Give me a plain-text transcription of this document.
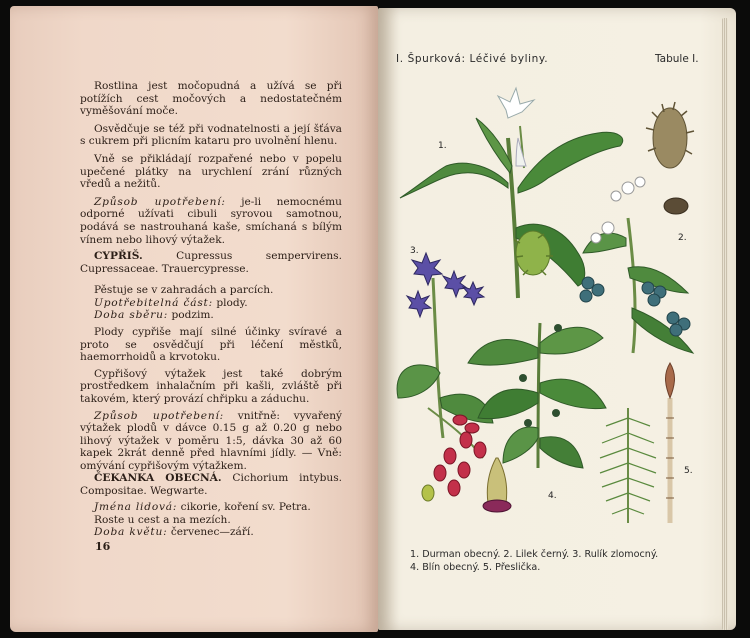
Rostlina jest močopudná a užívá se při potížích cest močových a nedostatečném vyměšování moče.

Osvědčuje se též při vodnatelnosti a její šťáva s cukrem při plicním kataru pro uvolnění hlenu.

Vně se přikládají rozpařené nebo v popelu upečené plátky na urychlení zrání různých vředů a nežitů.

Způsob upotřebení: je-li nemocnému odporné užívati cibuli syrovou samotnou, podává se nastrouhaná kaše, smíchaná s bílým vínem nebo lihový výtažek.

CYPŘIŠ. Cupressus sempervirens. Cupressaceae. Trauercypresse.

Pěstuje se v zahradách a parcích.

Upotřebitelná část: plody.

Doba sběru: podzim.

Plody cypřiše mají silné účinky svíravé a proto se osvědčují při léčení městků, haemorrhoidů a krvotoku.

Cypřišový výtažek jest také dobrým prostředkem inhalačním při kašli, zvláště při takovém, který provází chřipku a záduchu.

Způsob upotřebení: vnitřně: vyvařený výtažek plodů v dávce 0.15 g až 0.20 g nebo lihový výtažek v poměru 1:5, dávka 30 až 60 kapek 2krát denně před hlavními jídly. — Vně: omývání cypřišovým výtažkem.

ČEKANKA OBECNÁ. Cichorium intybus. Compositae. Wegwarte.

Jména lidová: cikorie, koření sv. Petra.

Roste u cest a na mezích.

Doba květu: červenec—září.

16
I. Špurková: Léčivé byliny.	Tabule I.
1.
2.
3.
4.
5.
1. Durman obecný. 2. Lilek černý. 3. Rulík zlomocný.
4. Blín obecný. 5. Přeslička.
